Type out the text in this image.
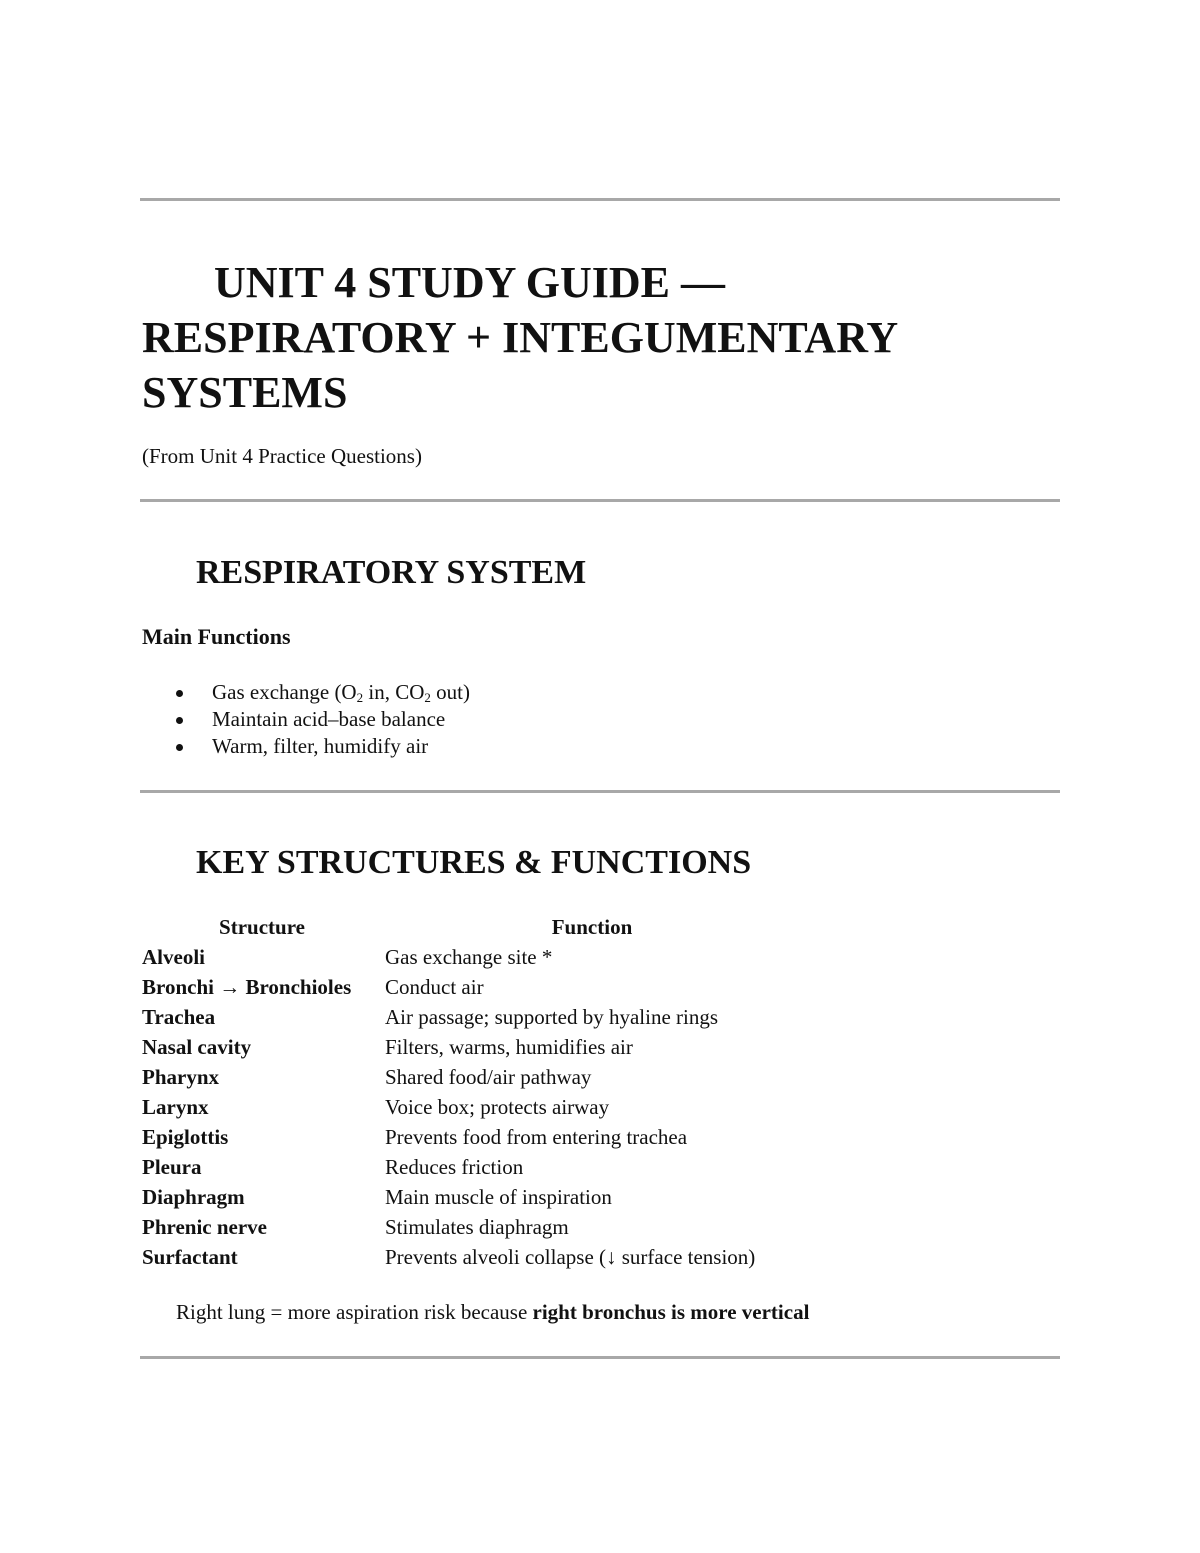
UNIT 4 STUDY GUIDE — RESPIRATORY + INTEGUMENTARY SYSTEMS

(From Unit 4 Practice Questions)

RESPIRATORY SYSTEM
Main Functions
Gas exchange ($O_2$ in, $CO_2$ out)
Maintain acid–base balance
Warm, filter, humidify air
KEY STRUCTURES & FUNCTIONS
Structure	Function
Alveoli	Gas exchange site *
Bronchi → Bronchioles	Conduct air
Trachea	Air passage; supported by hyaline rings
Nasal cavity	Filters, warms, humidifies air
Pharynx	Shared food/air pathway
Larynx	Voice box; protects airway
Epiglottis	Prevents food from entering trachea
Pleura	Reduces friction
Diaphragm	Main muscle of inspiration
Phrenic nerve	Stimulates diaphragm
Surfactant	Prevents alveoli collapse (↓ surface tension)

Right lung = more aspiration risk because right bronchus is more vertical
